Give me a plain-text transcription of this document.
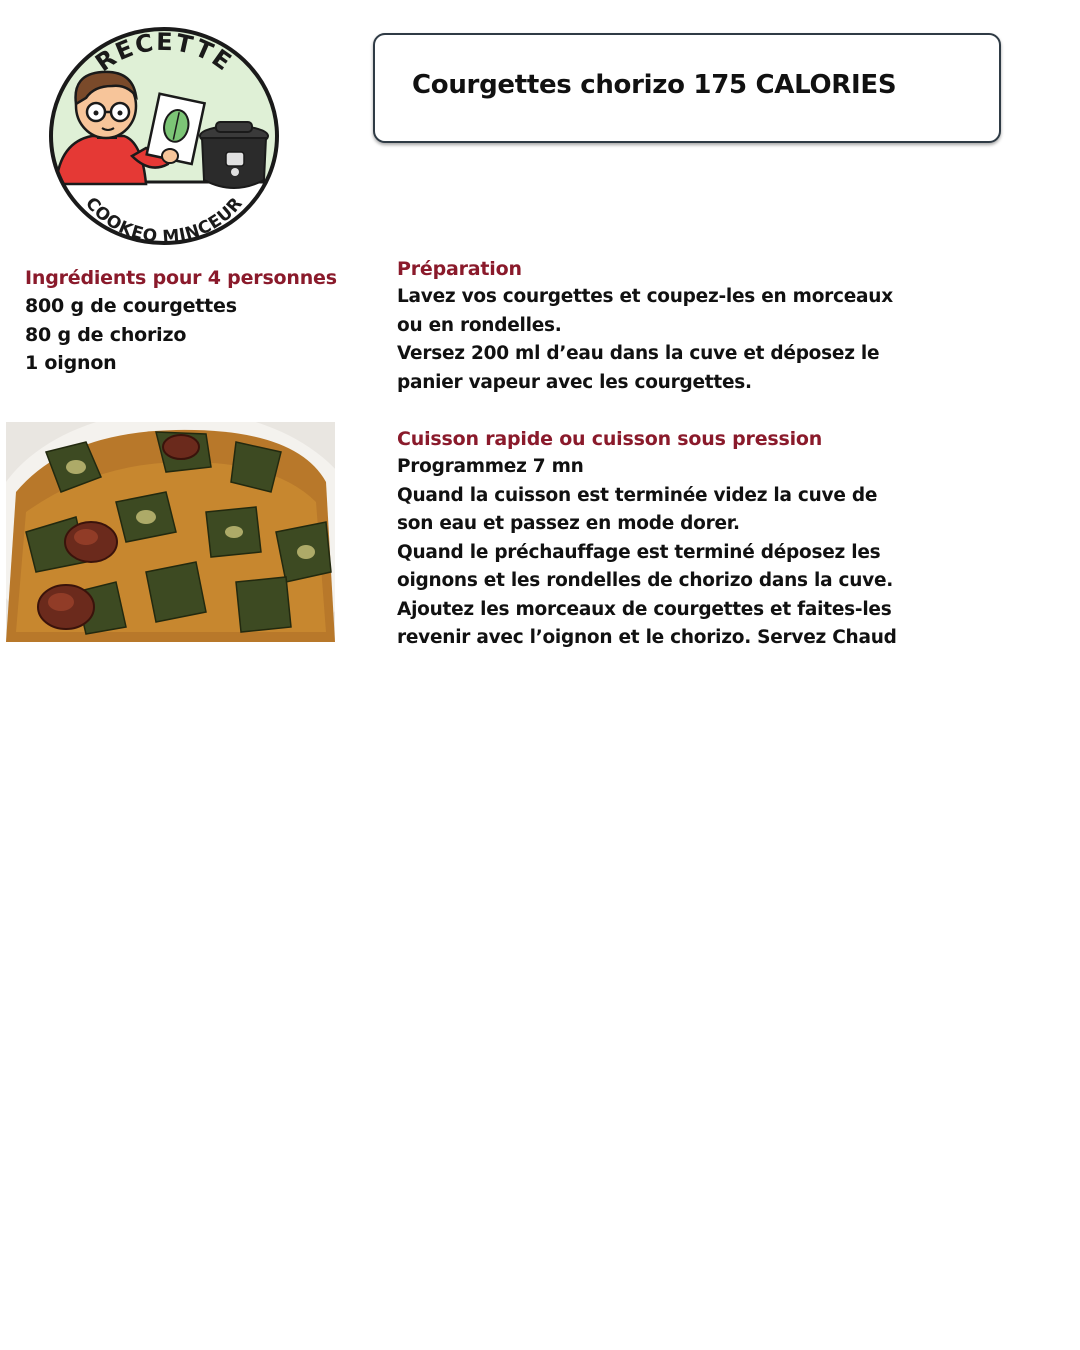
RECETTE
COOKEO MINCEUR
Courgettes chorizo 175 CALORIES
Ingrédients pour 4 personnes
800 g de courgettes
80 g de chorizo
1 oignon
Préparation

Lavez vos courgettes et coupez-les en morceaux

ou en rondelles.

Versez 200 ml d’eau dans la cuve et déposez le

panier vapeur avec les courgettes.

Cuisson rapide ou cuisson sous pression

Programmez 7 mn

Quand la cuisson est terminée videz la cuve de

son eau et passez en mode dorer.

Quand le préchauffage est terminé déposez les

oignons et les rondelles de chorizo dans la cuve.

Ajoutez les morceaux de courgettes et faites-les

revenir avec l’oignon et le chorizo. Servez Chaud
